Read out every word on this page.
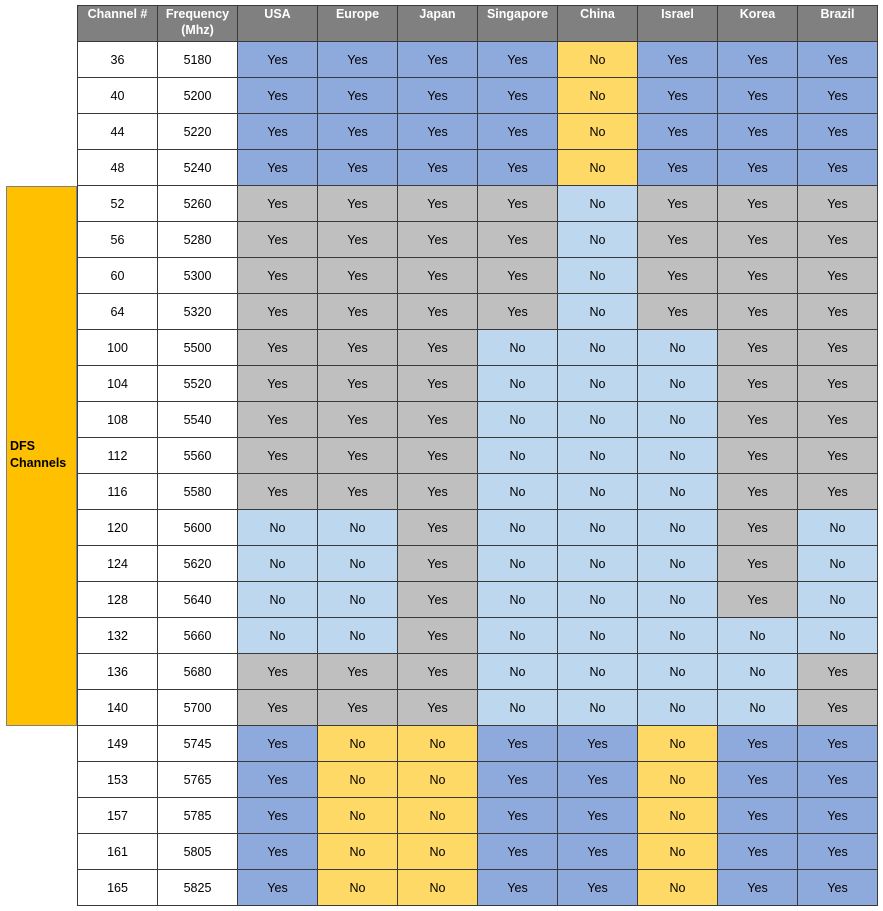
DFS Channels
Channel #	Frequency (Mhz)	USA	Europe	Japan	Singapore	China	Israel	Korea	Brazil
36	5180	Yes	Yes	Yes	Yes	No	Yes	Yes	Yes
40	5200	Yes	Yes	Yes	Yes	No	Yes	Yes	Yes
44	5220	Yes	Yes	Yes	Yes	No	Yes	Yes	Yes
48	5240	Yes	Yes	Yes	Yes	No	Yes	Yes	Yes
52	5260	Yes	Yes	Yes	Yes	No	Yes	Yes	Yes
56	5280	Yes	Yes	Yes	Yes	No	Yes	Yes	Yes
60	5300	Yes	Yes	Yes	Yes	No	Yes	Yes	Yes
64	5320	Yes	Yes	Yes	Yes	No	Yes	Yes	Yes
100	5500	Yes	Yes	Yes	No	No	No	Yes	Yes
104	5520	Yes	Yes	Yes	No	No	No	Yes	Yes
108	5540	Yes	Yes	Yes	No	No	No	Yes	Yes
112	5560	Yes	Yes	Yes	No	No	No	Yes	Yes
116	5580	Yes	Yes	Yes	No	No	No	Yes	Yes
120	5600	No	No	Yes	No	No	No	Yes	No
124	5620	No	No	Yes	No	No	No	Yes	No
128	5640	No	No	Yes	No	No	No	Yes	No
132	5660	No	No	Yes	No	No	No	No	No
136	5680	Yes	Yes	Yes	No	No	No	No	Yes
140	5700	Yes	Yes	Yes	No	No	No	No	Yes
149	5745	Yes	No	No	Yes	Yes	No	Yes	Yes
153	5765	Yes	No	No	Yes	Yes	No	Yes	Yes
157	5785	Yes	No	No	Yes	Yes	No	Yes	Yes
161	5805	Yes	No	No	Yes	Yes	No	Yes	Yes
165	5825	Yes	No	No	Yes	Yes	No	Yes	Yes
